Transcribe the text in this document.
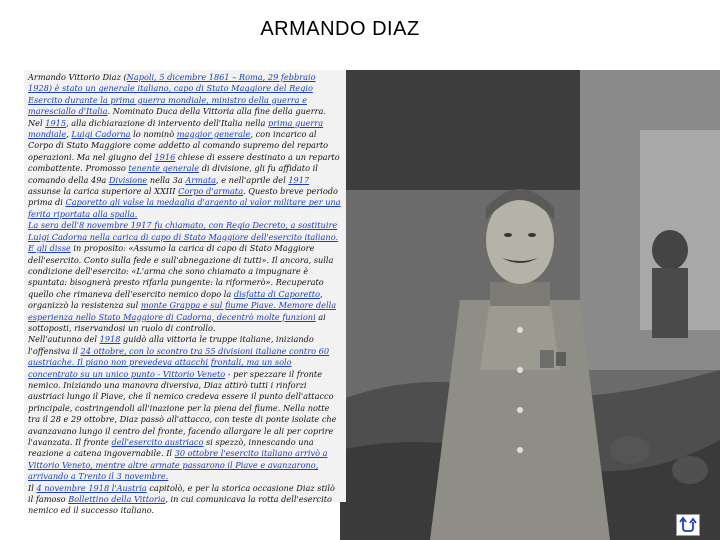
ARMANDO DIAZ

Armando Vittorio Diaz (Napoli, 5 dicembre 1861 – Roma, 29 febbraio 1928) è stato un generale italiano, capo di Stato Maggiore del Regio Esercito durante la prima guerra mondiale, ministro della guerra e maresciallo d'Italia. Nominato Duca della Vittoria alla fine della guerra.

Nel 1915, alla dichiarazione di intervento dell'Italia nella prima guerra mondiale, Luigi Cadorna lo nominò maggior generale, con incarico al Corpo di Stato Maggiore come addetto al comando supremo del reparto operazioni. Ma nel giugno del 1916 chiese di essere destinato a un reparto combattente. Promosso tenente generale di divisione, gli fu affidato il comando della 49a Divisione nella 3a Armata, e nell'aprile del 1917 assunse la carica superiore al XXIII Corpo d'armata. Questo breve periodo prima di Caporetto gli valse la medaglia d'argento al valor militare per una ferita riportata alla spalla.

La sera dell'8 novembre 1917 fu chiamato, con Regio Decreto, a sostituire Luigi Cadorna nella carica di capo di Stato Maggiore dell'esercito italiano. E gli disse in proposito: «Assumo la carica di capo di Stato Maggiore dell'esercito. Conto sulla fede e sull'abnegazione di tutti». Il ancora, sulla condizione dell'esercito: «L'arma che sono chiamato a impugnare è spuntata: bisognerà presto rifarla pungente: la riformerò». Recuperato quello che rimaneva dell'esercito nemico dopo la disfatta di Caporetto, organizzò la resistenza sul monte Grappa e sul fiume Piave. Memore della esperienza nello Stato Maggiore di Cadorna, decentrò molte funzioni ai sottoposti, riservandosi un ruolo di controllo.

Nell'autunno del 1918 guidò alla vittoria le truppe italiane, iniziando l'offensiva il 24 ottobre, con lo scontro tra 55 divisioni italiane contro 60 austriache. Il piano non prevedeva attacchi frontali, ma un solo concentrato su un unico punto - Vittorio Veneto - per spezzare il fronte nemico. Iniziando una manovra diversiva, Diaz attirò tutti i rinforzi austriaci lungo il Piave, che il nemico credeva essere il punto dell'attacco principale, costringendoli all'inazione per la piena del fiume. Nella notte tra il 28 e 29 ottobre, Diaz passò all'attacco, con teste di ponte isolate che avanzavano lungo il centro del fronte, facendo allargare le ali per coprire l'avanzata. Il fronte dell'esercito austriaco si spezzò, innescando una reazione a catena ingovernabile. Il 30 ottobre l'esercito italiano arrivò a Vittorio Veneto, mentre altre armate passarono il Piave e avanzarono, arrivando a Trento il 3 novembre.

Il 4 novembre 1918 l'Austria capitolò, e per la storica occasione Diaz stilò il famoso Bollettino della Vittoria, in cui comunicava la rotta dell'esercito nemico ed il successo italiano.
